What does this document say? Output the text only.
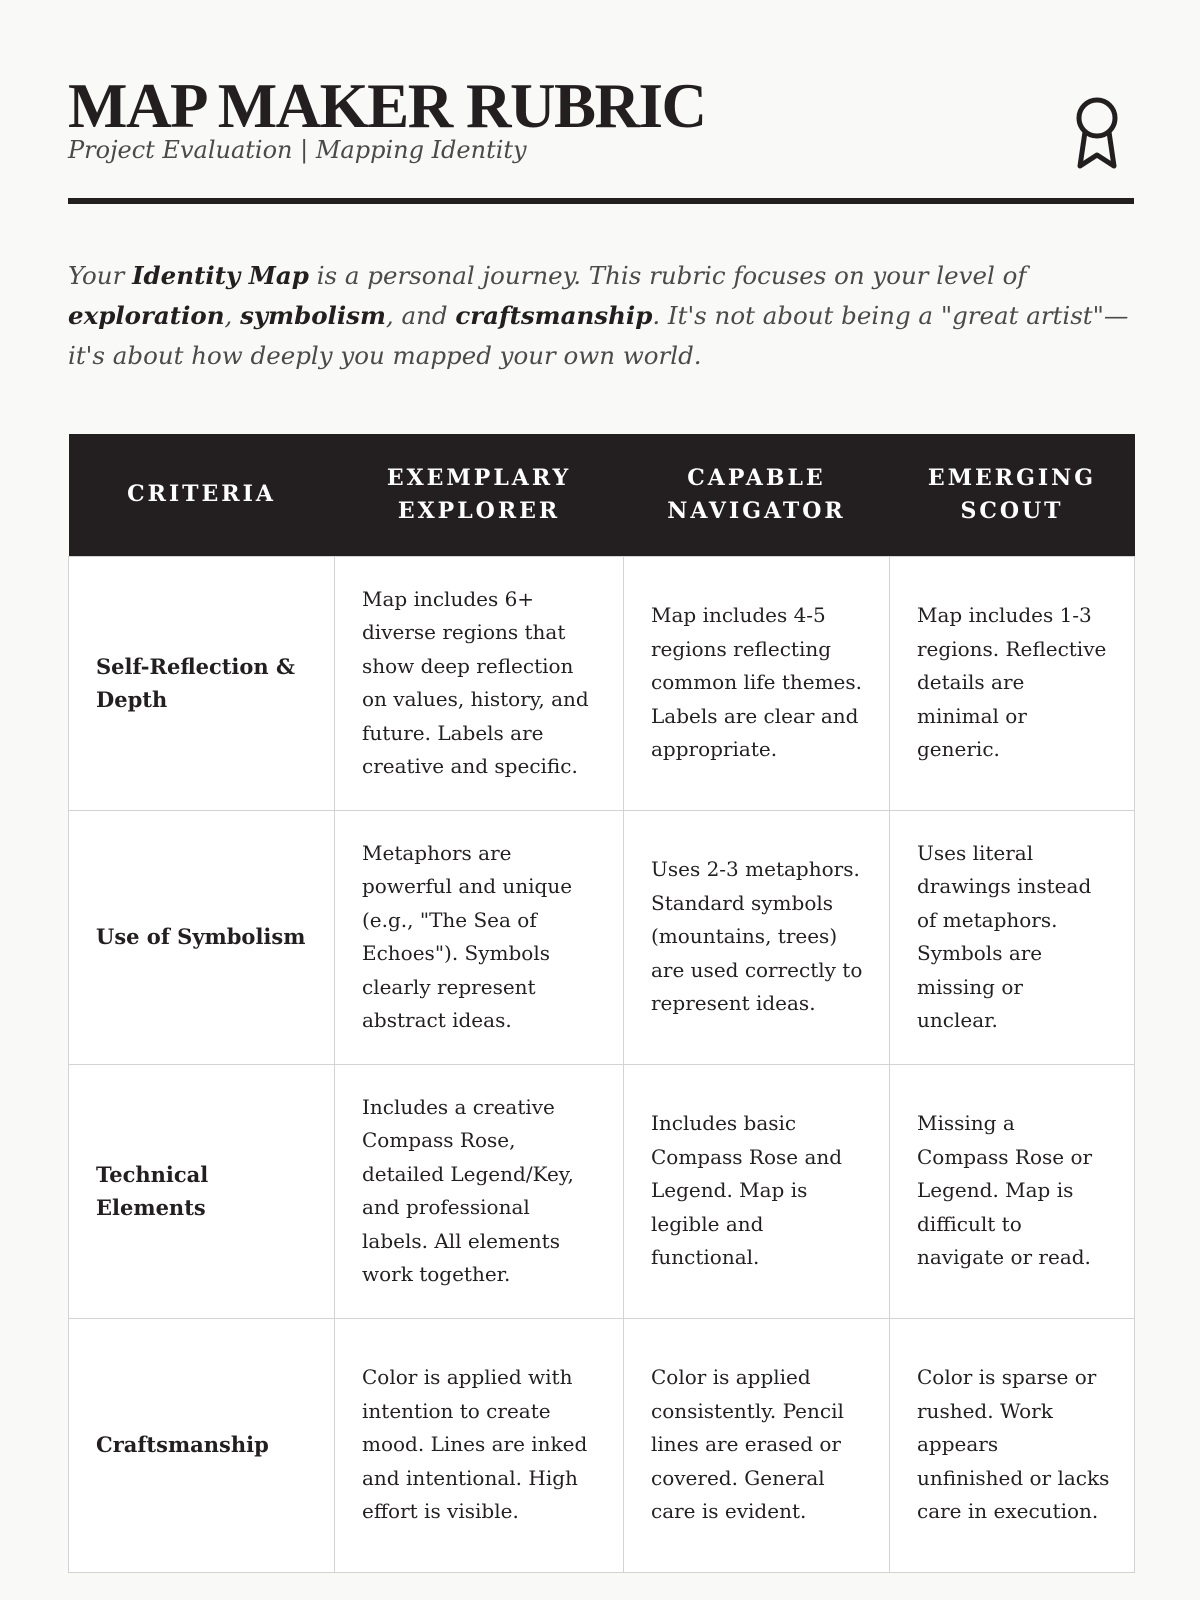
MAP MAKER RUBRIC
Project Evaluation | Mapping Identity

Your Identity Map is a personal journey. This rubric focuses on your level of exploration, symbolism, and craftsmanship. It's not about being a "great artist"—it's about how deeply you mapped your own world.

CRITERIA	EXEMPLARY EXPLORER	CAPABLE NAVIGATOR	EMERGING SCOUT
Self-Reflection & Depth	Map includes 6+ diverse regions that show deep reflection on values, history, and future. Labels are creative and specific.	Map includes 4-5 regions reflecting common life themes. Labels are clear and appropriate.	Map includes 1-3 regions. Reflective details are minimal or generic.
Use of Symbolism	Metaphors are powerful and unique (e.g., "The Sea of Echoes"). Symbols clearly represent abstract ideas.	Uses 2-3 metaphors. Standard symbols (mountains, trees) are used correctly to represent ideas.	Uses literal drawings instead of metaphors. Symbols are missing or unclear.
Technical Elements	Includes a creative Compass Rose, detailed Legend/Key, and professional labels. All elements work together.	Includes basic Compass Rose and Legend. Map is legible and functional.	Missing a Compass Rose or Legend. Map is difficult to navigate or read.
Craftsmanship	Color is applied with intention to create mood. Lines are inked and intentional. High effort is visible.	Color is applied consistently. Pencil lines are erased or covered. General care is evident.	Color is sparse or rushed. Work appears unfinished or lacks care in execution.
